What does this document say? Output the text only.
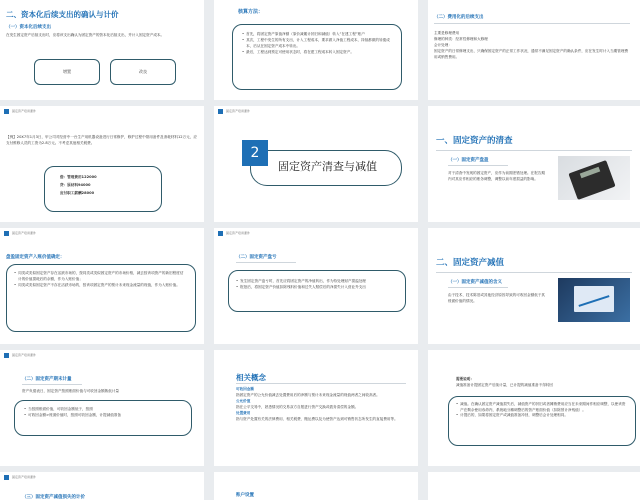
二、资本化后续支出的确认与计价
（一）资本化后续支出
在发生固定资产后续支出时，应将该支出确认为固定资产的资本化后续支出，并计入固定资产成本。
增置	改良
核算方法：
• 首先，将固定资产原值净额（原价减累计折旧和减值）转入“在建工程”账户
• 其次，工程中发生的所有支出，计入工程成本，要求做入净值工程成本，持续都做的转债成本，后从在固定资产成本中转出。
• 最后，工程达到预定可使用状态时，将在建工程成本转入固定资产。
（二）费用化的后续支出
主要是修理费用
修理的种类：经常性修理和大修理
会计处理：
固定资产的日常修理支出，只确保固定资产的正常工作状况，通常不满足固定资产的确认条件，应在发生时计入当期管理费用或销售费用。
固定资产培训课件
【例】20X7年1月3日，甲公司对经营中一台生产用机器设备进行日常修护，修护过程中领用备件及消耗材料12万元，应支付维修人员的工资为2.8万元。不考虑其他相关税费。
借：管理费用122000
贷：原材料94000
应付职工薪酬28000
固定资产培训课件
2
固定资产清查与减值
一、固定资产的清查
（一）固定资产盘盈
对于清查中发现的固定资产，应作为前期差错处理。在报告期内对其应作相应的账务调整，调整以前年度损益的影响。
固定资产培训课件
盘盈固定资产入账价值确定：
• 同类或类似固定资产存在活跃市场的，按同类或类似固定资产的市场价格，减去按该项资产的新旧程度估计的价值损耗后的余额，作为入账价值；
• 同类或类似固定资产不存在活跃市场的，按该项固定资产的预计未来现金流量的现值，作为入账价值。
固定资产培训课件
（二）固定资产盘亏
• 发生固定资产盘亏时，首先应将固定资产的净值转出，作为待处理财产损溢处理
• 报批后，将固定资产价值扣除残料价值和过失人赔偿后的净损失计入营业外支出
二、固定资产减值
（一）固定资产减值的含义
由于技术、技术陈旧或其他经济原因导致的可收回金额低于其账面价值的情况。
固定资产培训课件
（二）固定资产期末计量
资产负债表日，固定资产按照账面价值与可收回金额孰低计量
• 当按照账面价值，可收回金额低于，按照
• 可收回金额>账面价值时，按照可收回金额，计提减值准备
相关概念
可收回金额
指固定资产的公允价值减去处置费用后的净额与预计未来现金流量的现值两者之间较高者。
公允价值
指在公平交易中，熟悉情况的交易双方自愿进行资产交换或债务清偿的金额。
处置费用
指与资产处置有关的法律费用、相关税费、搬运费以及为使资产达到可销售状态所发生的直接费用等。
需要说明：
减值准备计提固定资产后续计量，已计提的减值准备不得转回
• 减值。在确认固定资产减值损失后，减值资产的折旧或者摊销费用应当在未来期间作相应调整，以使该资产在剩余使用寿命内，系统地分摊调整后的资产账面价值（扣除预计净残值）。
• 计提后的，如果将固定资产或减值准备冲回，调整后会计处理相同。
固定资产培训课件
（三）固定资产减值损失的计价	账户设置
